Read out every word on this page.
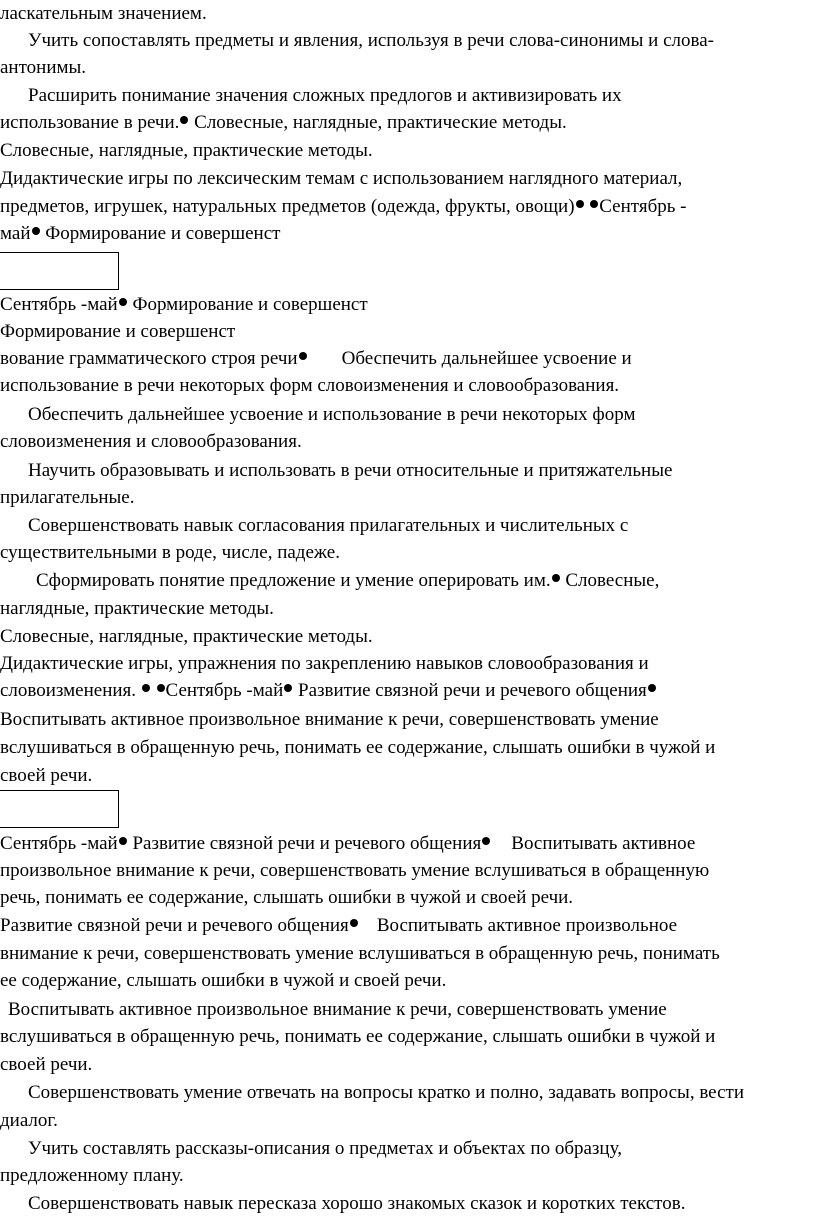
ласкательным значением.
Учить сопоставлять предметы и явления, используя в речи слова-синонимы и слова-
антонимы.
Расширить понимание значения сложных предлогов и активизировать их
использование в речи. Словесные, наглядные, практические методы.
Словесные, наглядные, практические методы.
Дидактические игры по лексическим темам с использованием наглядного материал,
предметов, игрушек, натуральных предметов (одежда, фрукты, овощи) Сентябрь -
май Формирование и совершенст
Сентябрь -май Формирование и совершенст
Формирование и совершенст
вование грамматического строя речи Обеспечить дальнейшее усвоение и
использование в речи некоторых форм словоизменения и словообразования.
Обеспечить дальнейшее усвоение и использование в речи некоторых форм
словоизменения и словообразования.
Научить образовывать и использовать в речи относительные и притяжательные
прилагательные.
Совершенствовать навык согласования прилагательных и числительных с
существительными в роде, числе, падеже.
Сформировать понятие предложение и умение оперировать им. Словесные,
наглядные, практические методы.
Словесные, наглядные, практические методы.
Дидактические игры, упражнения по закреплению навыков словообразования и
словоизменения.  Сентябрь -май Развитие связной речи и речевого общения
Воспитывать активное произвольное внимание к речи, совершенствовать умение
вслушиваться в обращенную речь, понимать ее содержание, слышать ошибки в чужой и
своей речи.
Сентябрь -май Развитие связной речи и речевого общения Воспитывать активное
произвольное внимание к речи, совершенствовать умение вслушиваться в обращенную
речь, понимать ее содержание, слышать ошибки в чужой и своей речи.
Развитие связной речи и речевого общения Воспитывать активное произвольное
внимание к речи, совершенствовать умение вслушиваться в обращенную речь, понимать
ее содержание, слышать ошибки в чужой и своей речи.
Воспитывать активное произвольное внимание к речи, совершенствовать умение
вслушиваться в обращенную речь, понимать ее содержание, слышать ошибки в чужой и
своей речи.
Совершенствовать умение отвечать на вопросы кратко и полно, задавать вопросы, вести
диалог.
Учить составлять рассказы-описания о предметах и объектах по образцу,
предложенному плану.
Совершенствовать навык пересказа хорошо знакомых сказок и коротких текстов.
